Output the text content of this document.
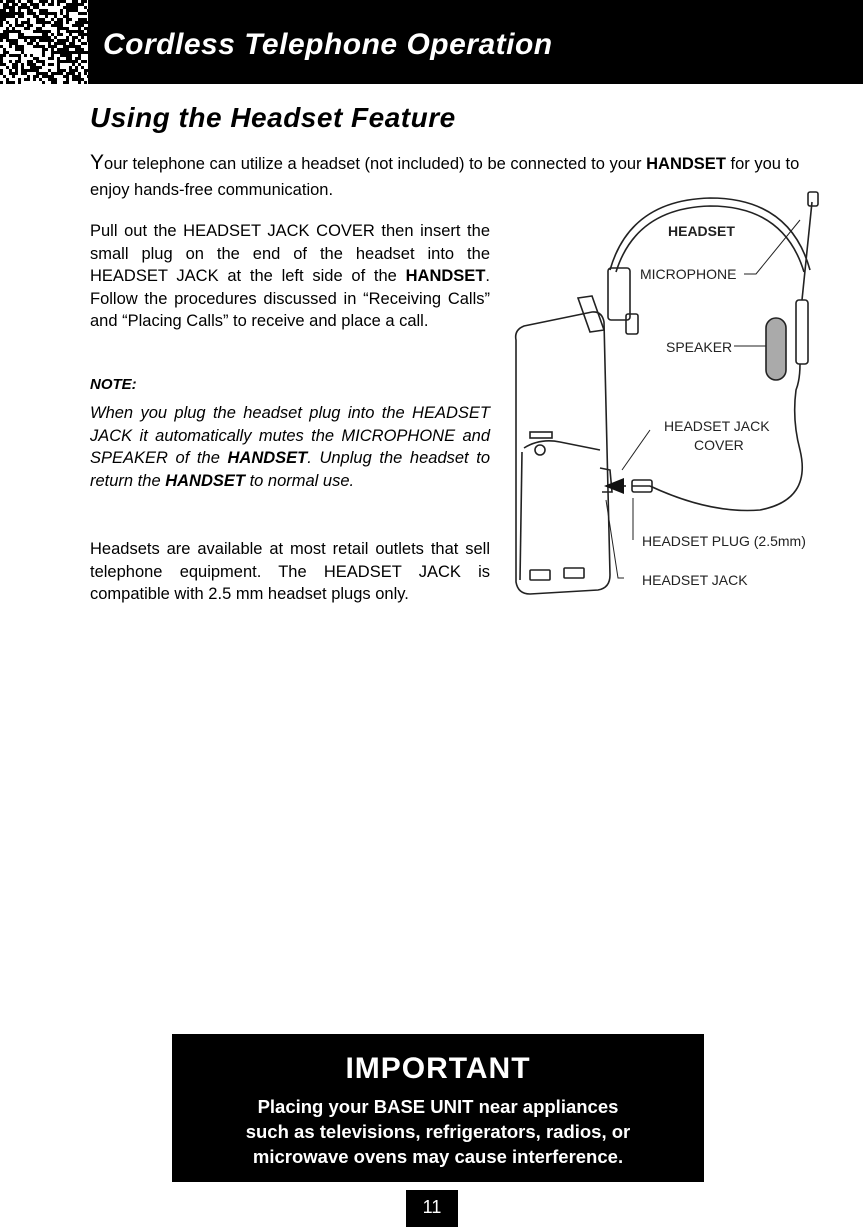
Cordless Telephone Operation
Using the Headset Feature
Your telephone can utilize a headset (not included) to be connected to your HANDSET for you to enjoy hands-free communication.
Pull out the HEADSET JACK COVER then insert the small plug on the end of the headset into the HEADSET JACK at the left side of the HANDSET. Follow the procedures discussed in “Receiving Calls” and “Placing Calls” to receive and place a call.
NOTE:
When you plug the headset plug into the HEADSET JACK it automatically mutes the MICROPHONE and SPEAKER of the HANDSET. Unplug the headset to return the HANDSET to normal use.
Headsets are available at most retail outlets that sell telephone equipment. The HEADSET JACK is compatible with 2.5 mm headset plugs only.
HEADSET
MICROPHONE
SPEAKER
HEADSET JACK
COVER
HEADSET PLUG (2.5mm)
HEADSET JACK
IMPORTANT
Placing your BASE UNIT near appliances
such as televisions, refrigerators, radios, or
microwave ovens may cause interference.
11
